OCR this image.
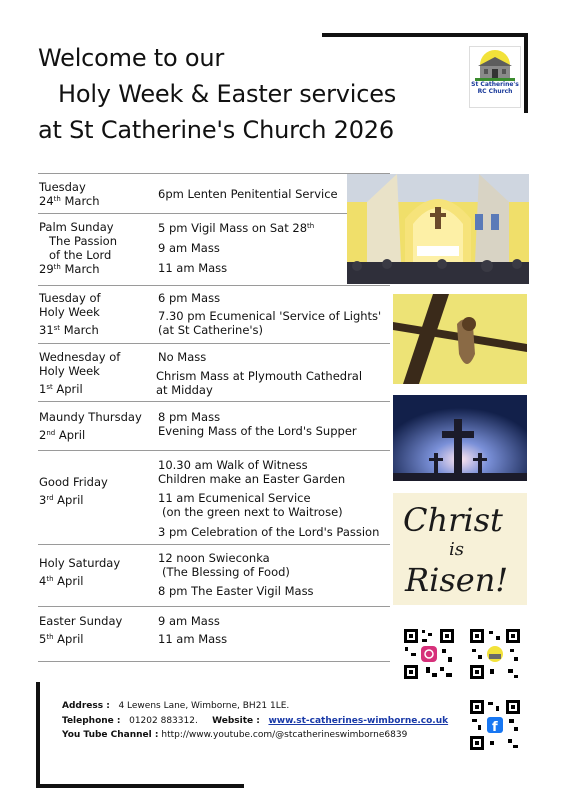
Welcome to our
Holy Week & Easter services
at St Catherine's Church 2026
St Catherine's RC Church
Tuesday
24th March	6pm Lenten Penitential Service
Palm Sunday
The Passion
of the Lord
29th March
5 pm Vigil Mass on Sat 28th
9 am Mass
11 am Mass
Tuesday of
Holy Week
31st March
6 pm Mass
7.30 pm Ecumenical 'Service of Lights'
(at St Catherine's)
Wednesday of
Holy Week
1st April
No Mass
Chrism Mass at Plymouth Cathedral
at Midday
Maundy Thursday
2nd April
8 pm Mass
Evening Mass of the Lord's Supper
Good Friday
3rd April
10.30 am Walk of Witness
Children make an Easter Garden
11 am Ecumenical Service
(on the green next to Waitrose)
3 pm Celebration of the Lord's Passion
Holy Saturday
4th April
12 noon Swieconka
(The Blessing of Food)
8 pm The Easter Vigil Mass
Easter Sunday
5th April
9 am Mass
11 am Mass
Christ
is
Risen!
f
Address : 4 Lewens Lane, Wimborne, BH21 1LE.
Telephone : 01202 883312. Website : www.st-catherines-wimborne.co.uk
You Tube Channel : http://www.youtube.com/@stcatherineswimborne6839
